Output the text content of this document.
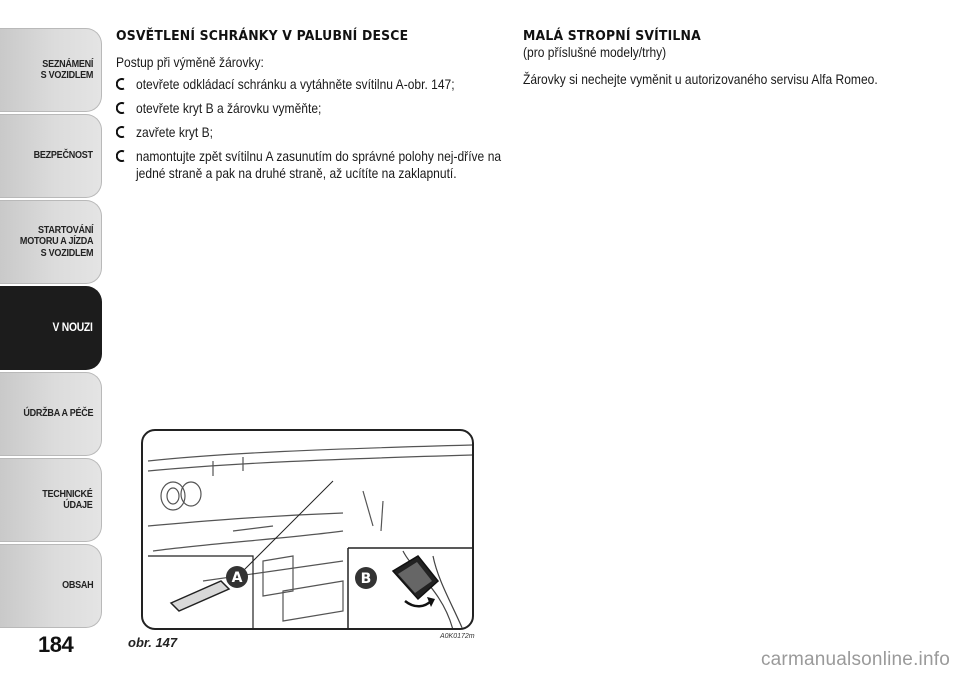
SEZNÁMENÍ
S VOZIDLEM
BEZPEČNOST
STARTOVÁNÍ
MOTORU A JÍZDA
S VOZIDLEM
V NOUZI
ÚDRŽBA A PÉČE
TECHNICKÉ
ÚDAJE
OBSAH
184
OSVĚTLENÍ SCHRÁNKY V PALUBNÍ DESCE

Postup při výměně žárovky:

otevřete odkládací schránku a vytáhněte svítilnu A-obr. 147;
otevřete kryt B a žárovku vyměňte;
zavřete kryt B;
namontujte zpět svítilnu A zasunutím do správné polohy nej-dříve na jedné straně a pak na druhé straně, až ucítíte na zaklapnutí.
MALÁ STROPNÍ SVÍTILNA

(pro příslušné modely/trhy)

Žárovky si nechejte vyměnit u autorizovaného servisu Alfa Romeo.

A	B
obr. 147	A0K0172m
carmanualsonline.info
